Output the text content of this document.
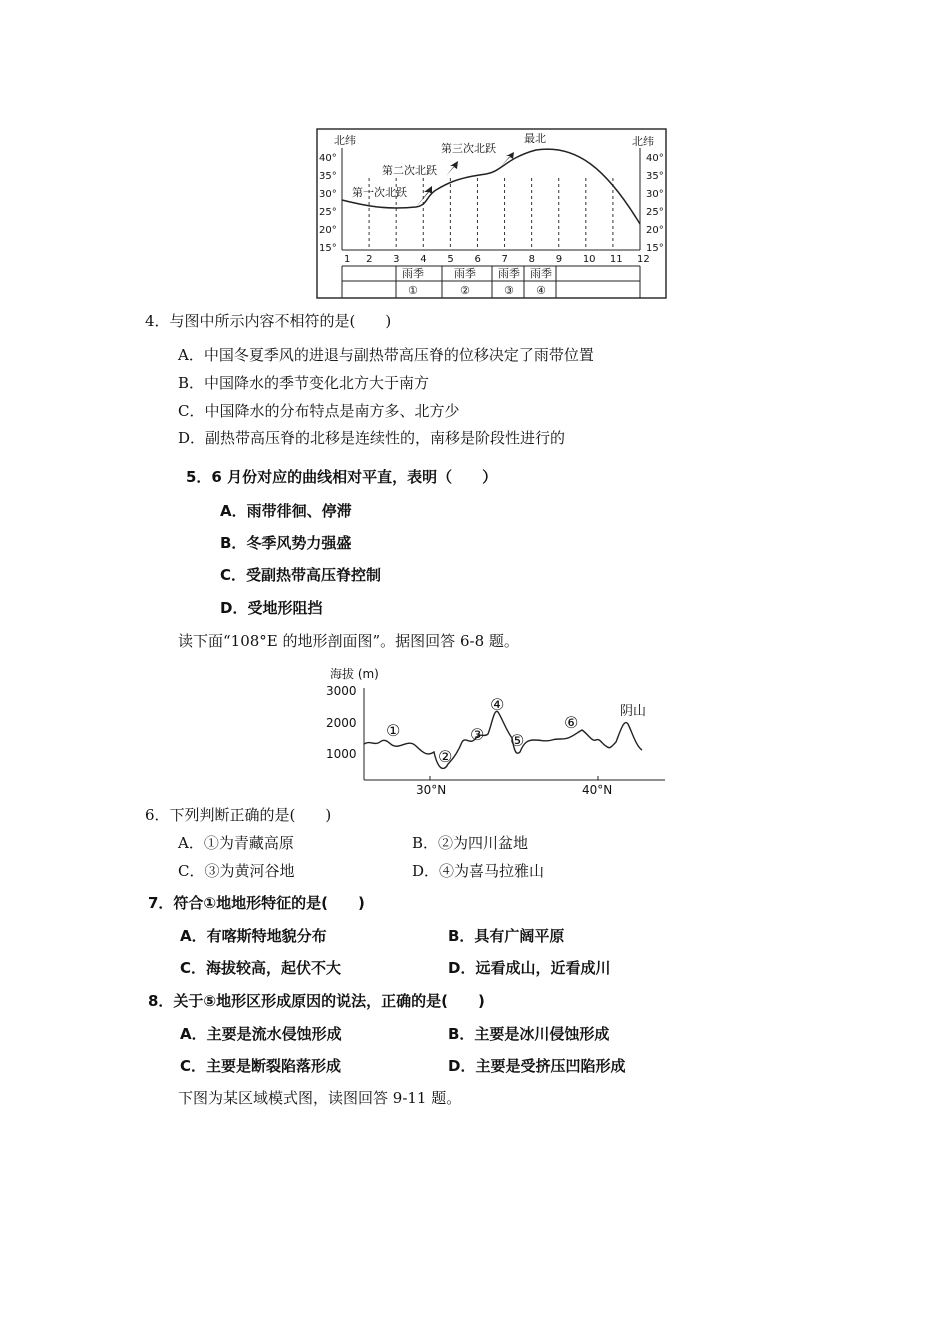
北纬	北纬
第三次北跃
最北
第二次北跃
第一次北跃
40°
35°
30°
25°
20°
15°
40°
35°
30°
25°
20°
15°
1 2 3 4 5 6 7 8 9 10 11 12
雨季
①
雨季
②
雨季
③
雨季
④
4．与图中所示内容不相符的是(　　)
A．中国冬夏季风的进退与副热带高压脊的位移决定了雨带位置
B．中国降水的季节变化北方大于南方
C．中国降水的分布特点是南方多、北方少
D．副热带高压脊的北移是连续性的，南移是阶段性进行的
5．6 月份对应的曲线相对平直，表明（　　）
A．雨带徘徊、停滞
B．冬季风势力强盛
C．受副热带高压脊控制
D．受地形阻挡
读下面“108°E 的地形剖面图”。据图回答 6-8 题。
海拔 (m)
3000
2000
1000
30°N	40°N
①
②
③
④
⑤
⑥
阴山
6．下列判断正确的是(　　)
A．①为青藏高原	B．②为四川盆地
C．③为黄河谷地	D．④为喜马拉雅山
7．符合①地地形特征的是(　　)
A．有喀斯特地貌分布	B．具有广阔平原
C．海拔较高，起伏不大	D．远看成山，近看成川
8．关于⑤地形区形成原因的说法，正确的是(　　)
A．主要是流水侵蚀形成	B．主要是冰川侵蚀形成
C．主要是断裂陷落形成	D．主要是受挤压凹陷形成
下图为某区域模式图，读图回答 9-11 题。
